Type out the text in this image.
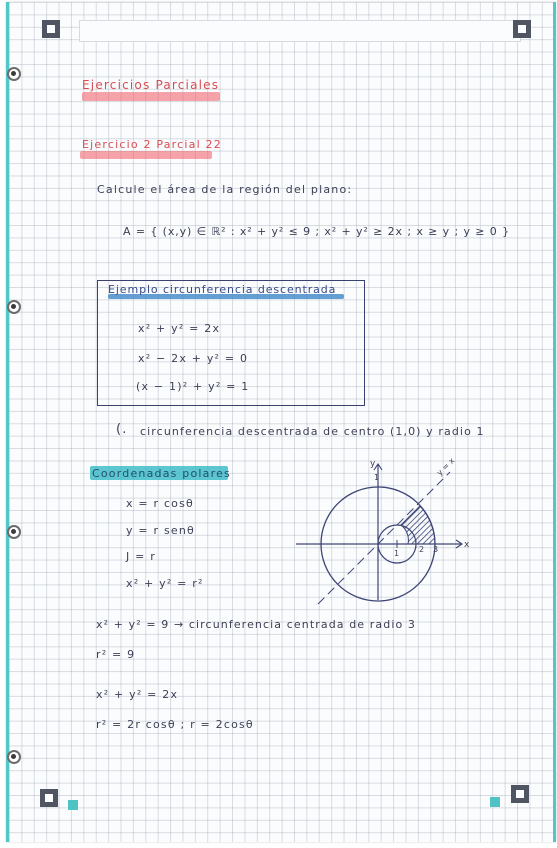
Ejercicios Parciales
Ejercicio 2 Parcial 22
Calcule el área de la región del plano:
A = { (x,y) ∈ ℝ² : x² + y² ≤ 9 ; x² + y² ≥ 2x ; x ≥ y ; y ≥ 0 }
Ejemplo circunferencia descentrada
x² + y² = 2x
x² − 2x + y² = 0
(x − 1)² + y² = 1
(. circunferencia descentrada de centro (1,0) y radio 1
Coordenadas polares
x = r cosθ
y = r senθ
J = r
x² + y² = r²
y
1
x
y = x
1 2 3
x² + y² = 9 → circunferencia centrada de radio 3
r² = 9
x² + y² = 2x
r² = 2r cosθ ; r = 2cosθ
